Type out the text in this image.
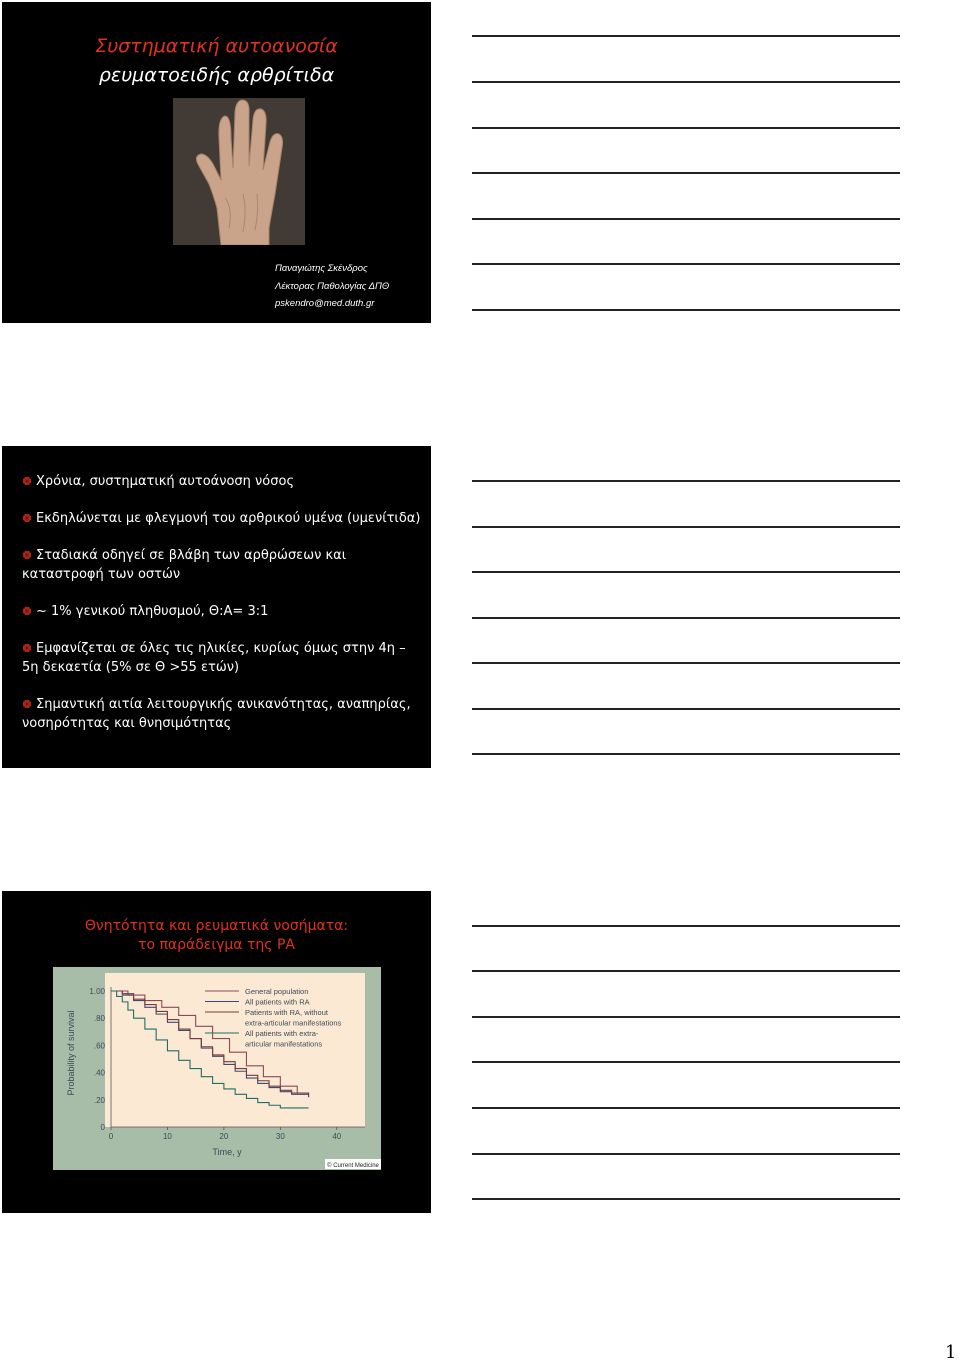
Συστηματική αυτοανοσία
ρευματοειδής αρθρίτιδα
Παναγιώτης Σκένδρος
Λέκτορας Παθολογίας ΔΠΘ
pskendro@med.duth.gr
Χρόνια, συστηματική αυτοάνοση νόσος
Εκδηλώνεται με φλεγμονή του αρθρικού υμένα (υμενίτιδα)
Σταδιακά οδηγεί σε βλάβη των αρθρώσεων και καταστροφή των οστών
~ 1% γενικού πληθυσμού, Θ:Α= 3:1
Εμφανίζεται σε όλες τις ηλικίες, κυρίως όμως στην 4η – 5η δεκαετία (5% σε Θ >55 ετών)
Σημαντική αιτία λειτουργικής ανικανότητας, αναπηρίας, νοσηρότητας και θνησιμότητας
Θνητότητα και ρευματικά νοσήματα:
το παράδειγμα της ΡΑ
0
.20
.40
.60
.80
1.00
0	10	20	30	40
General population
All patients with RA
Patients with RA, without
extra-articular manifestations
All patients with extra-
articular manifestations
Probability of survival
Time, y
© Current Medicine
1
